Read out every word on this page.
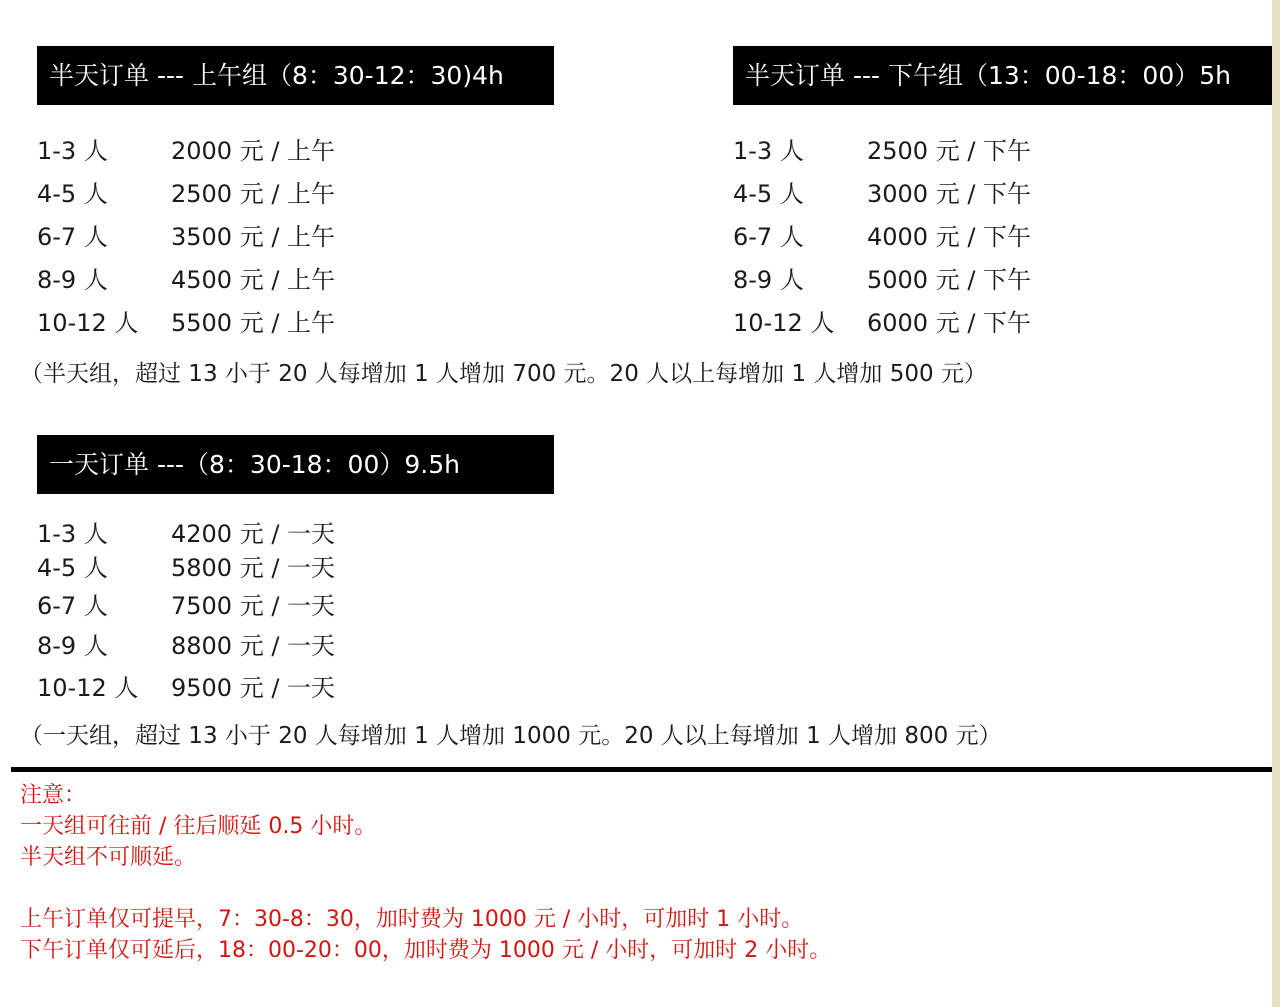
半天订单 --- 上午组（8：30-12：30)4h
1-3 人	2000 元 / 上午
4-5 人	2500 元 / 上午
6-7 人	3500 元 / 上午
8-9 人	4500 元 / 上午
10-12 人 5500 元 / 上午
半天订单 --- 下午组（13：00-18：00）5h
1-3 人	2500 元 / 下午
4-5 人	3000 元 / 下午
6-7 人	4000 元 / 下午
8-9 人	5000 元 / 下午
10-12 人 6000 元 / 下午
（半天组，超过 13 小于 20 人每增加 1 人增加 700 元。20 人以上每增加 1 人增加 500 元）
一天订单 ---（8：30-18：00）9.5h
1-3 人	4200 元 / 一天
4-5 人	5800 元 / 一天
6-7 人	7500 元 / 一天
8-9 人	8800 元 / 一天
10-12 人 9500 元 / 一天
（一天组，超过 13 小于 20 人每增加 1 人增加 1000 元。20 人以上每增加 1 人增加 800 元）
注意：
一天组可往前 / 往后顺延 0.5 小时。
半天组不可顺延。
上午订单仅可提早，7：30-8：30，加时费为 1000 元 / 小时，可加时 1 小时。
下午订单仅可延后，18：00-20：00，加时费为 1000 元 / 小时，可加时 2 小时。
